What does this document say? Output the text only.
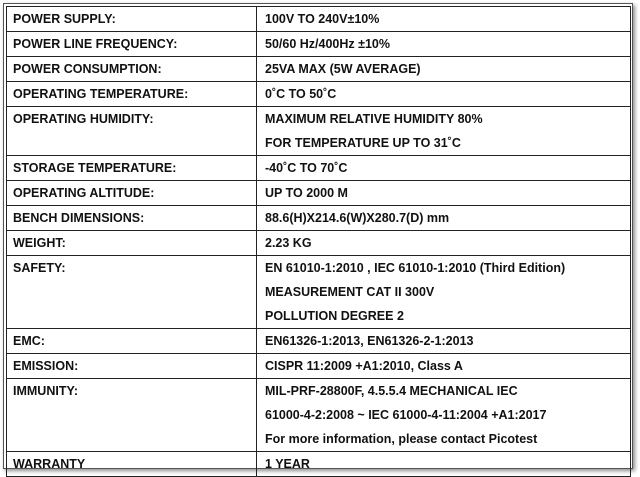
POWER SUPPLY:	100V TO 240V±10%

POWER LINE FREQUENCY:	50/60 Hz/400Hz ±10%

POWER CONSUMPTION:	25VA MAX (5W AVERAGE)

OPERATING TEMPERATURE:	0˚C TO 50˚C

OPERATING HUMIDITY:	MAXIMUM RELATIVE HUMIDITY 80%
FOR TEMPERATURE UP TO 31˚C

STORAGE TEMPERATURE:	-40˚C TO 70˚C

OPERATING ALTITUDE:	UP TO 2000 M

BENCH DIMENSIONS:	88.6(H)X214.6(W)X280.7(D) mm

WEIGHT:	2.23 KG

SAFETY:	EN 61010-1:2010 , IEC 61010-1:2010 (Third Edition)
MEASUREMENT CAT II 300V
POLLUTION DEGREE 2

EMC:	EN61326-1:2013, EN61326-2-1:2013

EMISSION:	CISPR 11:2009 +A1:2010, Class A

IMMUNITY:	MIL-PRF-28800F, 4.5.5.4 MECHANICAL IEC
61000-4-2:2008 ~ IEC 61000-4-11:2004 +A1:2017
For more information, please contact Picotest

WARRANTY	1 YEAR
